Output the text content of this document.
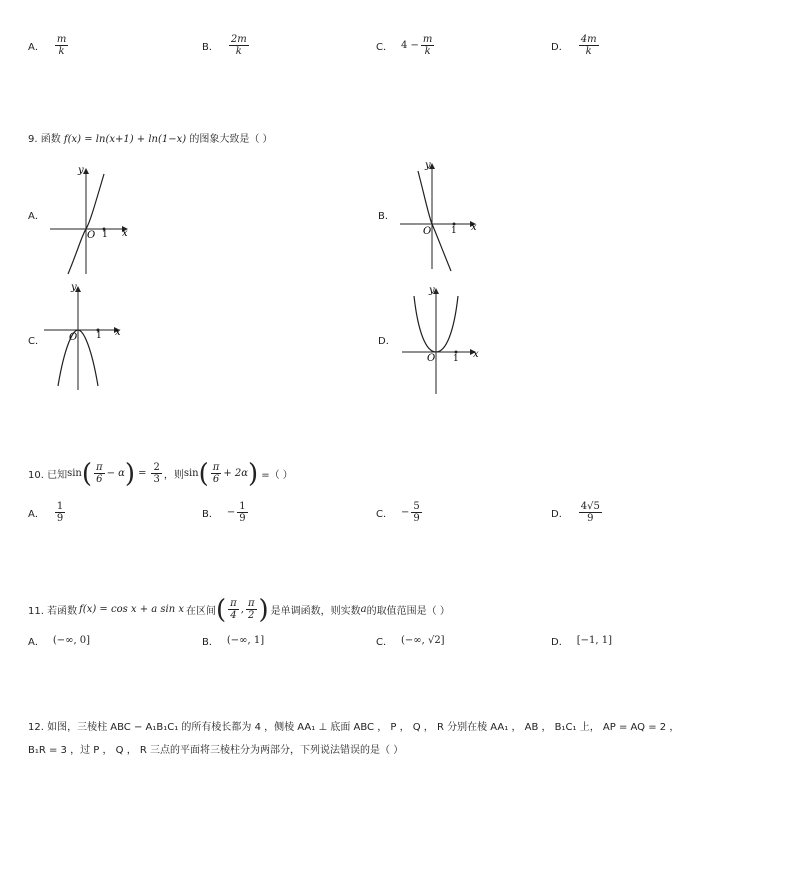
A． $\frac{m}{k}$	B． $\frac{2m}{k}$	C． $4 - \frac{m}{k}$	D． $\frac{4m}{k}$
9. 函数 f(x) = ln(x+1) + ln(1−x) 的图象大致是（ ）
A．	B．
C．	D．
x
y
O 1
x
y
O 1
x
y
O 1
x
y
O 1
10. 已知 sin ( $\frac{\pi}{6} - \alpha$ ) = $\frac{2}{3}$ ，则 sin ( $\frac{\pi}{6} + 2\alpha$ ) =（ ）
A． $\frac{1}{9}$	B． − $\frac{1}{9}$	C． − $\frac{5}{9}$	D． $\frac{4√5}{9}$
11. 若函数 f(x) = cos x + a sin x 在区间 ( $\frac{\pi}{4}$ , $\frac{\pi}{2}$ ) 是单调函数，则实数 a 的取值范围是（ ）
A． (−∞, 0]	B． (−∞, 1]	C． (−∞, √2]	D． [−1, 1]
12. 如图，三棱柱 ABC − A₁B₁C₁ 的所有棱长都为 4 ，侧棱 AA₁ ⊥ 底面 ABC ， P ， Q ， R 分别在棱 AA₁ ， AB ， B₁C₁ 上， AP = AQ = 2 ，
B₁R = 3 ，过 P ， Q ， R 三点的平面将三棱柱分为两部分，下列说法错误的是（ ）
